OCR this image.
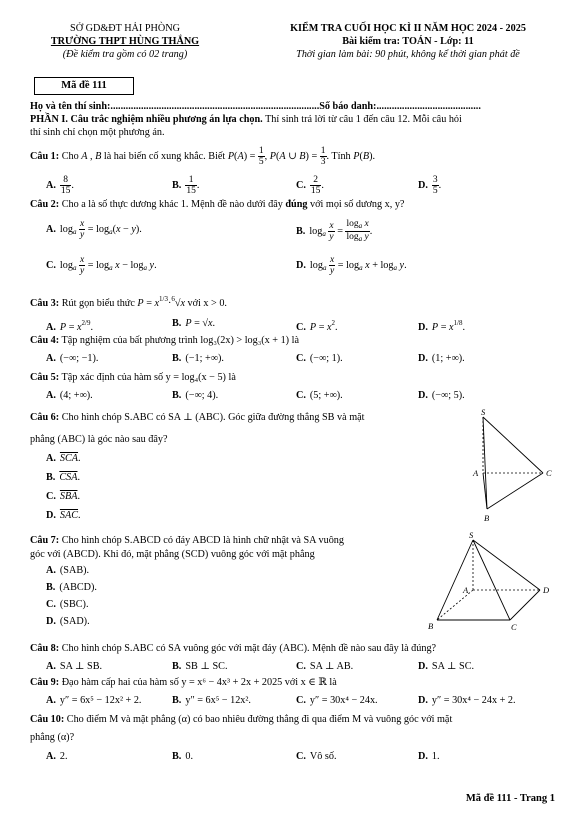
SỞ GD&ĐT HẢI PHÒNG
TRƯỜNG THPT HÙNG THẮNG
(Đề kiểm tra gồm có 02 trang)
KIỂM TRA CUỐI HỌC KÌ II NĂM HỌC 2024 - 2025
Bài kiểm tra: TOÁN - Lớp: 11
Thời gian làm bài: 90 phút, không kể thời gian phát đề
Mã đề 111
Họ và tên thí sinh:..................................................................................Số báo danh:.........................................
PHẦN I. Câu trắc nghiệm nhiều phương án lựa chọn. Thí sinh trả lời từ câu 1 đến câu 12. Mỗi câu hỏi
thí sinh chỉ chọn một phương án.
Câu 1: Cho A , B là hai biến cố xung khắc. Biết $P(A) = \frac{1}{5}$ , P(A ∪ $B) = \frac{1}{3}$ . Tính P(B).
A. $\frac{8}{15}$ .	B. $\frac{1}{15}$ .	C. $\frac{2}{15}$ .	D. $\frac{3}{5}$ .
Câu 2: Cho a là số thực dương khác 1. Mệnh đề nào dưới đây đúng với mọi số dương x, y?
A. $\log_a \frac{x}{y} = \log_a(x - y)$.	B. $\log_a \frac{x}{y} = \frac{\log_a x}{\log_a y}$ .
C. $\log_a \frac{x}{y} = \log_a x - \log_a y$.	D. $\log_a \frac{x}{y} = \log_a x + \log_a y$.
Câu 3: Rút gọn biểu thức $P = x^{1/3}\cdot^6√x$ với x > 0.
A. $P = x^{2/9}$.	B. P = √x.	C. $P = x^2$.	D. $P = x^{1/8}$.
Câu 4: Tập nghiệm của bất phương trình log₃(2x) > log₃(x + 1) là
A. (−∞; −1).	B. (−1; +∞).	C. (−∞; 1).	D. (1; +∞).
Câu 5: Tập xác định của hàm số y = log₄(x − 5) là
A. (4; +∞).	B. (−∞; 4).	C. (5; +∞).	D. (−∞; 5).
Câu 6: Cho hình chóp S.ABC có SA ⊥ (ABC). Góc giữa đường thẳng SB và mặt
phẳng (ABC) là góc nào sau đây?
A. $\overline{SCA}$.
B. $\overline{CSA}$.
C. $\overline{SBA}$.
D. $\overline{SAC}$.
S
A	C
B
Câu 7: Cho hình chóp S.ABCD có đáy ABCD là hình chữ nhật và SA vuông
góc với (ABCD). Khi đó, mặt phẳng (SCD) vuông góc với mặt phẳng
A. (SAB).
B. (ABCD).
C. (SBC).
D. (SAD).
S
A	D
B	C
Câu 8: Cho hình chóp S.ABC có SA vuông góc với mặt đáy (ABC). Mệnh đề nào sau đây là đúng?
A. SA ⊥ SB.	B. SB ⊥ SC.	C. SA ⊥ AB.	D. SA ⊥ SC.
Câu 9: Đạo hàm cấp hai của hàm số y = x⁶ − 4x³ + 2x + 2025 với x ∈ ℝ là
A. y″ = 6x⁵ − 12x² + 2.	B. y″ = 6x⁵ − 12x².	C. y″ = 30x⁴ − 24x.	D. y″ = 30x⁴ − 24x + 2.
Câu 10: Cho điểm M và mặt phẳng (α) có bao nhiêu đường thẳng đi qua điểm M và vuông góc với mặt
phẳng (α)?
A. 2.	B. 0.	C. Vô số.	D. 1.
Mã đề 111 - Trang 1
